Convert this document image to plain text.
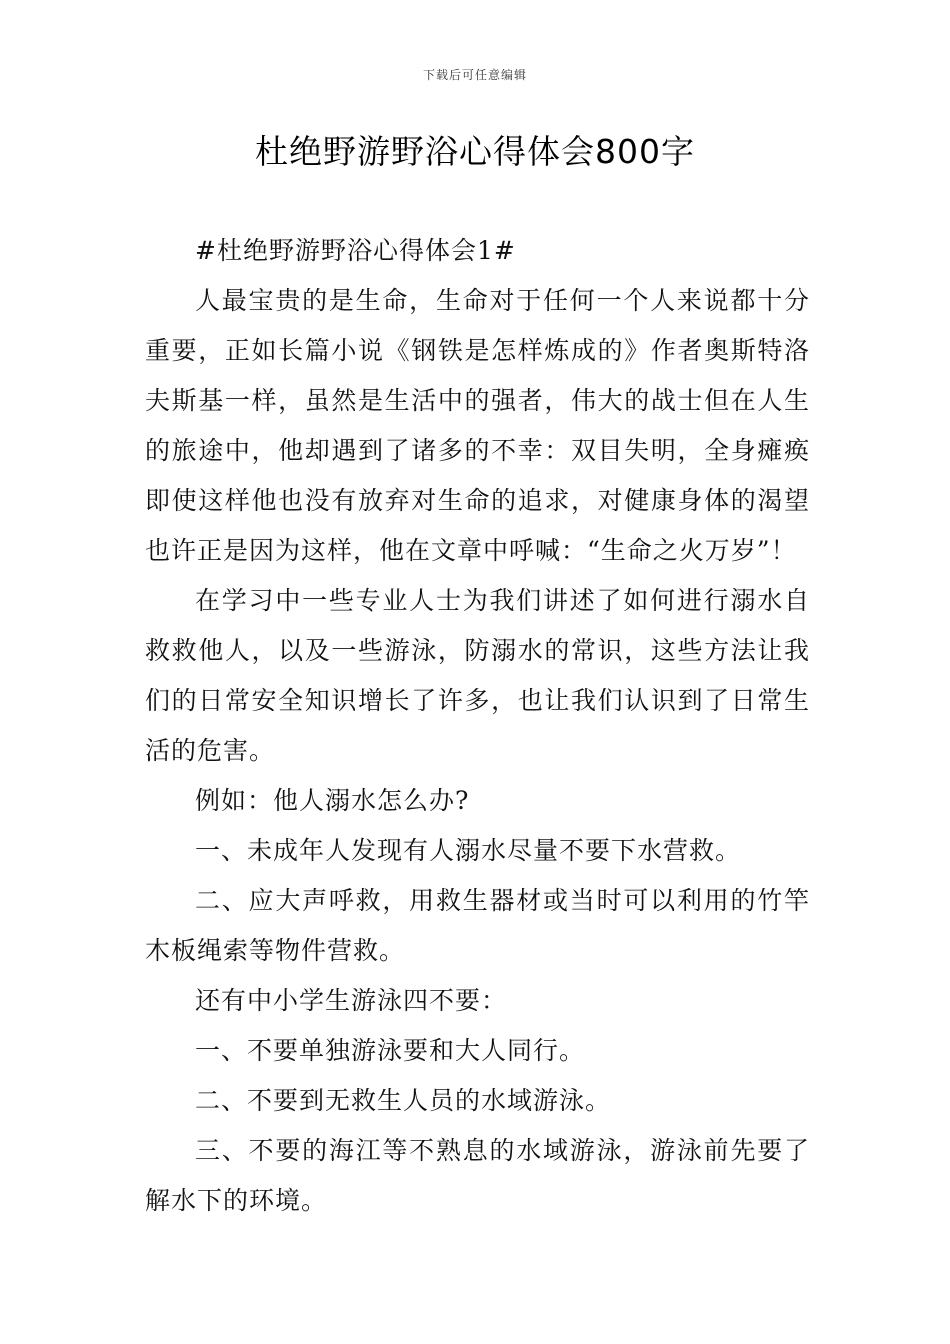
下载后可任意编辑
杜绝野游野浴心得体会800字

#杜绝野游野浴心得体会1#

人最宝贵的是生命，生命对于任何一个人来说都十分重要，正如长篇小说《钢铁是怎样炼成的》作者奥斯特洛夫斯基一样，虽然是生活中的强者，伟大的战士但在人生的旅途中，他却遇到了诸多的不幸：双目失明，全身瘫痪即使这样他也没有放弃对生命的追求，对健康身体的渴望也许正是因为这样，他在文章中呼喊：“生命之火万岁”！

在学习中一些专业人士为我们讲述了如何进行溺水自救救他人，以及一些游泳，防溺水的常识，这些方法让我们的日常安全知识增长了许多，也让我们认识到了日常生活的危害。

例如：他人溺水怎么办?

一、未成年人发现有人溺水尽量不要下水营救。

二、应大声呼救，用救生器材或当时可以利用的竹竿木板绳索等物件营救。

还有中小学生游泳四不要：

一、不要单独游泳要和大人同行。

二、不要到无救生人员的水域游泳。

三、不要的海江等不熟息的水域游泳，游泳前先要了解水下的环境。
